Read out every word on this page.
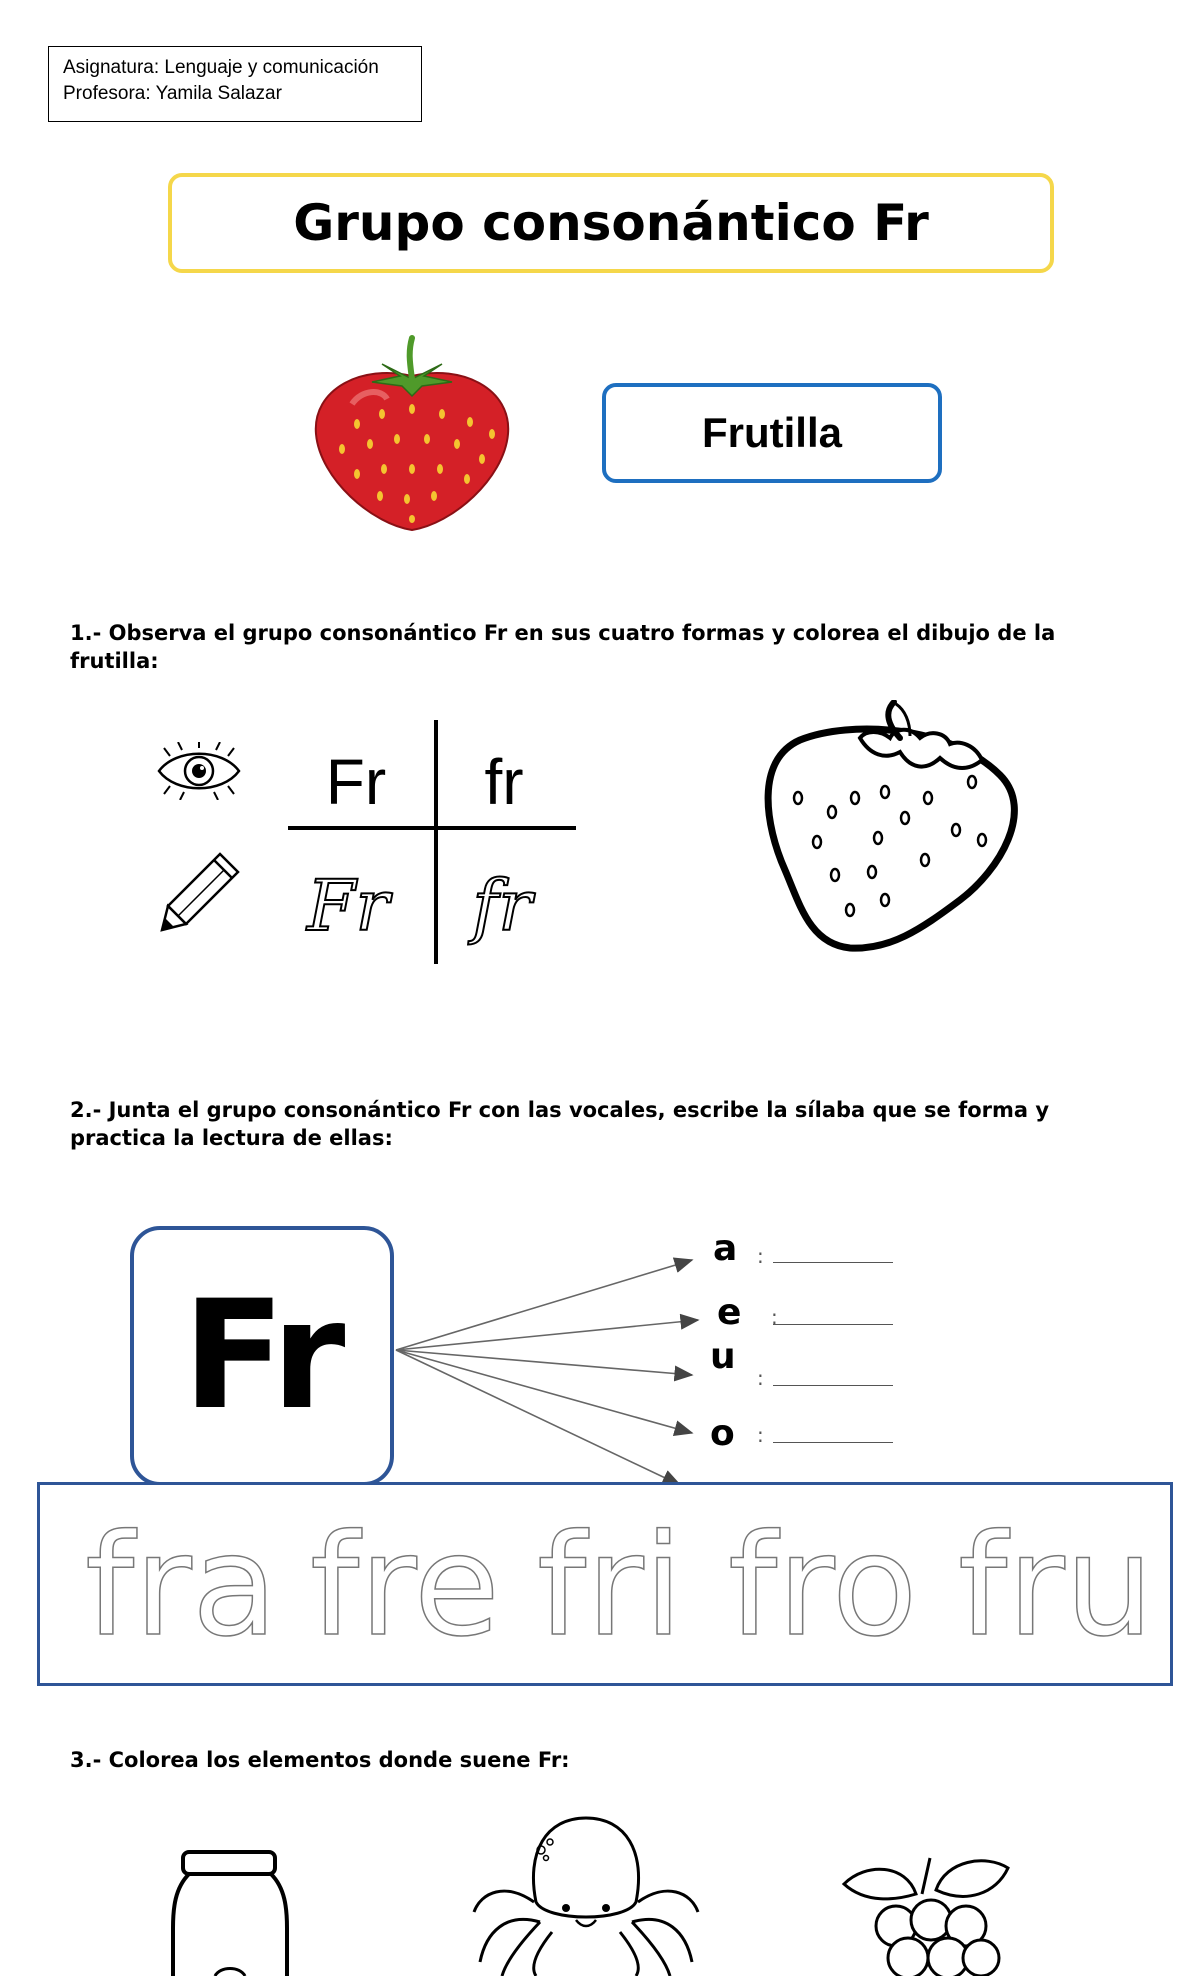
Asignatura: Lenguaje y comunicación
Profesora: Yamila Salazar
Grupo consonántico Fr
Frutilla
1.- Observa el grupo consonántico Fr en sus cuatro formas y colorea el dibujo de la frutilla:
Fr fr
Fr fr
2.- Junta el grupo consonántico Fr con las vocales, escribe la sílaba que se forma y practica la lectura de ellas:
Fr
a :
e :
u
:
o :
fra fre fri fro fru
3.- Colorea los elementos donde suene Fr:
